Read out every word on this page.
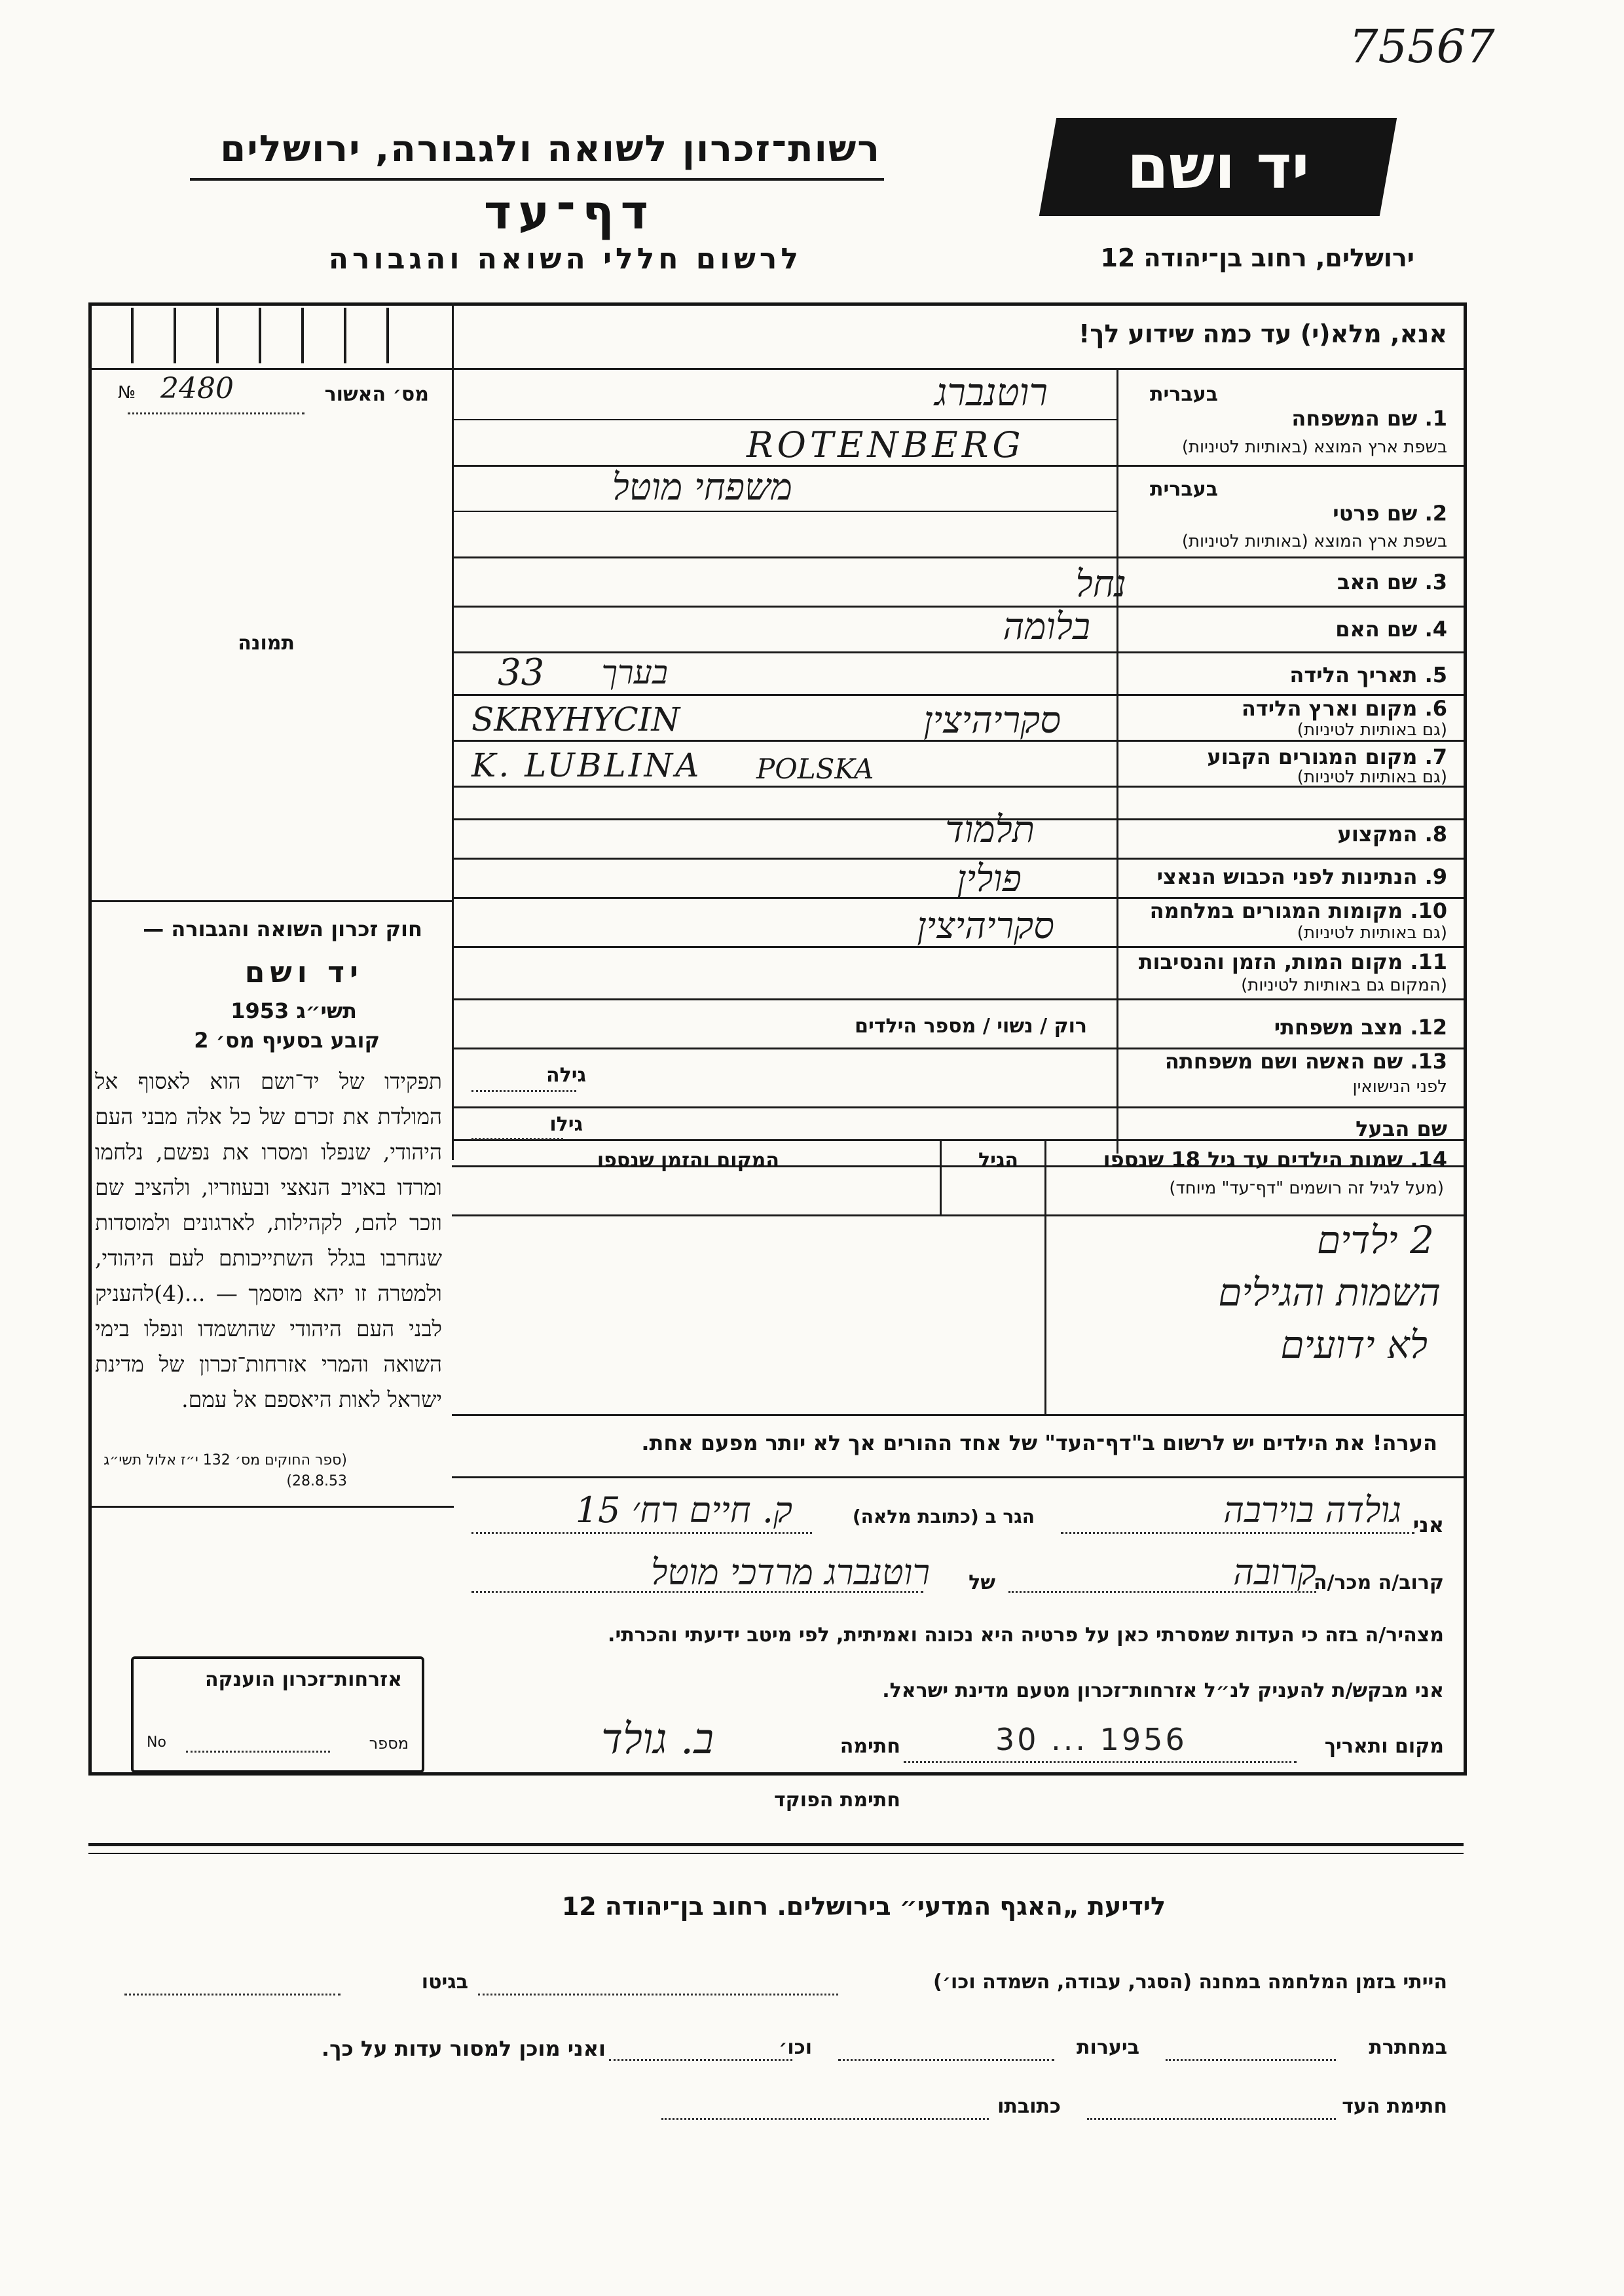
75567
רשות־זכרון לשואה ולגבורה, ירושלים
דף־עד
לרשום חללי השואה והגבורה
יד ושם
ירושלים, רחוב בן־יהודה 12
אנא, מלא(י) עד כמה שידוע לך!
מס׳ האשור
2480
№
תמונה
בעברית
1. שם המשפחה
בשפת ארץ המוצא (באותיות לטיניות)
רוטנברג
ROTENBERG
בעברית
2. שם פרטי
בשפת ארץ המוצא (באותיות לטיניות)
משפחי מוטל
3. שם האב
נחל
4. שם האם
בלומה
5. תאריך הלידה
33 בערך
6. מקום וארץ הלידה
(גם באותיות לטיניות)
SKRYHYCIN	סקריהיצין
7. מקום המגורים הקבוע
(גם באותיות לטיניות)
K. LUBLINA POLSKA
8. המקצוע
תלמוד
9. הנתינות לפני הכבוש הנאצי
פולין
10. מקומות המגורים במלחמה
(גם באותיות לטיניות)
סקריהיצין
11. מקום המות, הזמן והנסיבות
(המקום גם באותיות לטיניות)
12. מצב משפחתי
רוק / נשוי / מספר הילדים
13. שם האשה ושם משפחתה
לפני הנישואין
גילה
שם הבעל
גילו
חוק זכרון השואה והגבורה —
יד ושם
תשי״ג 1953
קובע בסעיף מס׳ 2
תפקידו של יד־ושם הוא לאסוף אל המולדת את זכרם של כל אלה מבני העם היהודי, שנפלו ומסרו את נפשם, נלחמו ומרדו באויב הנאצי ובעוזריו, ולהציב שם וזכר להם, לקהילות, לארגונים ולמוסדות שנחרבו בגלל השתייכותם לעם היהודי, ולמטרה זו יהא מוסמך — ...(4)להעניק לבני העם היהודי שהושמדו ונפלו בימי השואה והמרי אזרחות־זכרון של מדינת ישראל לאות היאספם אל עמם.
(ספר החוקים מס׳ 132 י״ז אלול תשי״ג 28.8.53)
אזרחות־זכרון הוענקה
מספר
No
14. שמות הילדים עד גיל 18 שנספו
(מעל לגיל זה רושמים "דף־עד" מיוחד)
הגיל
המקום והזמן שנספו
2 ילדים
השמות והגילים
לא ידועים
הערה! את הילדים יש לרשום ב"דף־העד" של אחד ההורים אך לא יותר מפעם אחת.
אני
גולדה בוירבה
הגר ב (כתובת מלאה)
ק. חיים רח׳ 15
קרוב/ה מכר/ה
קרובה
של
רוטנברג מרדכי מוטל
מצהיר/ה בזה כי העדות שמסרתי כאן על פרטיה היא נכונה ואמיתית, לפי מיטב ידיעתי והכרתי.
אני מבקש/ת להעניק לנ״ל אזרחות־זכרון מטעם מדינת ישראל.
מקום ותאריך
30 ... 1956
חתימה
ב. גולד
חתימת הפוקד
לידיעת „האגף המדעי״ בירושלים. רחוב בן־יהודה 12
הייתי בזמן המלחמה במחנה (הסגר, עבודה, השמדה וכו׳)
בגיטו
במחתרת
ביערות
וכו׳
ואני מוכן למסור עדות על כך.
חתימת העד
כתובתו
